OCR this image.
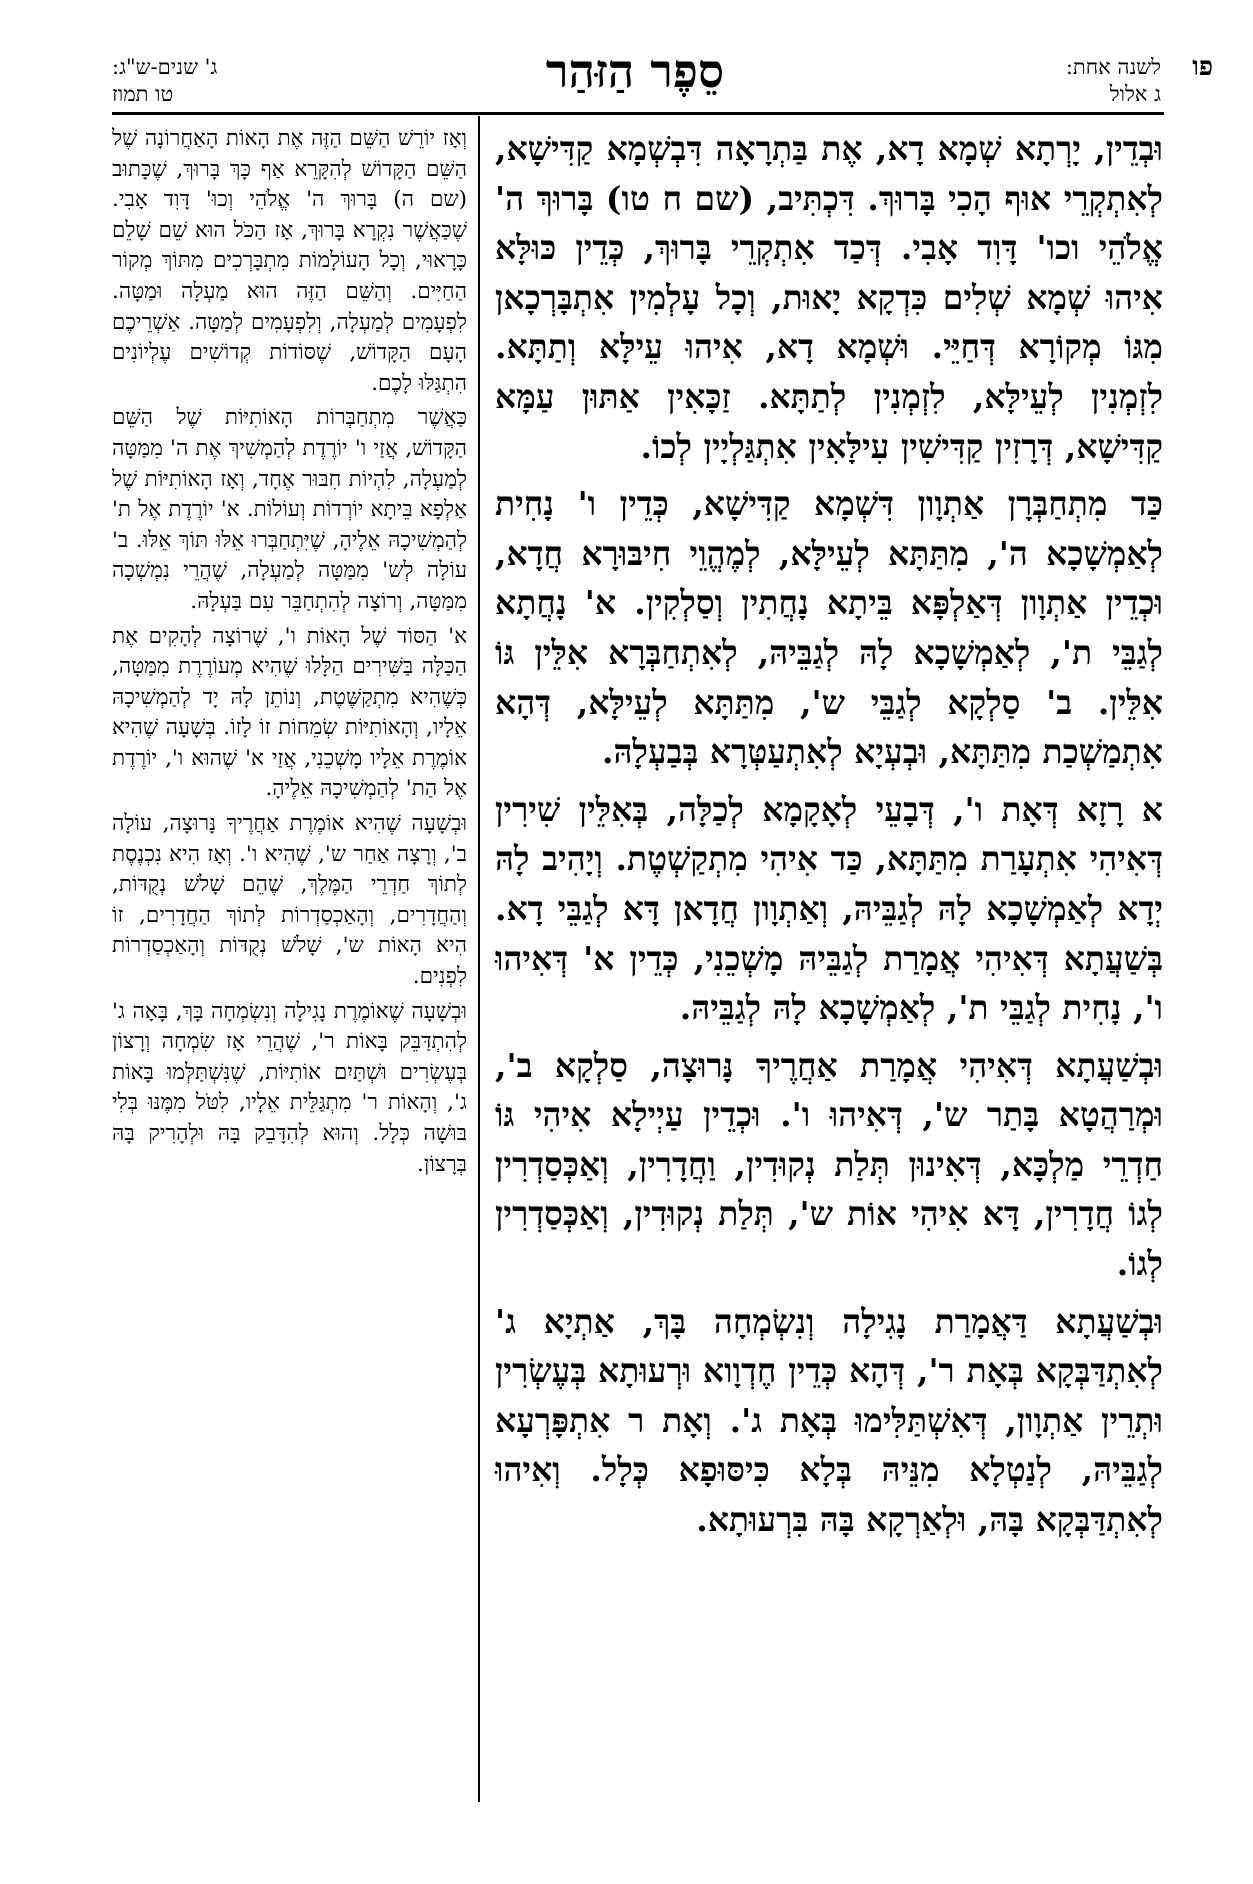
פו
לשנה אחת:
ג אלול
סֵפֶר הַזּהַר
ג' שנים-ש"ג:
טו תמוז

וּבְדֵין, יָרְתָא שְׁמָא דָא, אֶת בַּתְרָאָה דִּבְשְׁמָא קַדִּישָׁא, לְאִתְקְרֵי אוּף הָכִי בָּרוּךְ. דִּכְתִּיב, (שם ח טו) בָּרוּךְ ה' אֱלֹהֵי וכו' דָּוִד אָבִי. דְּכַד אִתְקְרֵי בָּרוּךְ, כְּדֵין כּוּלָּא אִיהוּ שְׁמָא שְׁלִים כִּדְקָא יָאוּת, וְכָל עָלְמִין אִתְבָּרְכָאן מִגּוֹ מְקוֹרָא דְּחַיֵּי. וּשְׁמָא דָא, אִיהוּ עֵילָּא וְתַתָּא. לִזְמְנִין לְעֵילָּא, לִזְמְנִין לְתַתָּא. זַכָּאִין אַתּוּן עַמָּא קַדִּישָׁא, דְּרָזִין קַדִּישִׁין עִילָּאִין אִתְגַּלְיָין לְכוֹ.

כַּד מִתְחַבְּרָן אַתְוָון דִּשְׁמָא קַדִּישָׁא, כְּדֵין ו' נָחִית לְאַמְשָׁכָא ה', מִתַּתָּא לְעֵילָּא, לְמֶהֱוֵי חִיבּוּרָא חֲדָא, וּכְדֵין אַתְוָון דְּאַלְפָּא בֵּיתָא נָחֲתִין וְסַלְקִין. א' נָחֲתָא לְגַבֵּי ת', לְאַמְשָׁכָא לָהּ לְגַבֵּיהּ, לְאִתְחַבְּרָא אִלֵּין גּוֹ אִלֵּין. ב' סַלְקָא לְגַבֵּי ש', מִתַּתָּא לְעֵילָּא, דְּהָא אִתְמַשְׁכַת מִתַּתָּא, וּבְעְיָא לְאִתְעַטְּרָא בְּבַעְלָהּ.

א רָזָא דְּאָת ו', דְּבָעֵי לְאָקָמָא לְכַלָּה, בְּאִלֵּין שִׁירִין דְּאִיהִי אִתְעָרַת מִתַּתָּא, כַּד אִיהִי מִתְקַשְׁטֶת. וְיָהִיב לָהּ יְדָא לְאַמְשָׁכָא לָהּ לְגַבֵּיהּ, וְאַתְוָון חֲדָאן דָּא לְגַבֵּי דָא. בְּשַׁעֲתָא דְּאִיהִי אֲמָרַת לְגַבֵּיהּ מָשְׁכֵנִי, כְּדֵין א' דְּאִיהוּ ו', נָחִית לְגַבֵּי ת', לְאַמְשָׁכָא לָהּ לְגַבֵּיהּ.

וּבְשַׁעֲתָא דְּאִיהִי אֲמָרַת אַחֲרֶיךָ נָּרוּצָה, סַלְקָא ב', וּמְרַהֲטָא בָּתַר ש', דְּאִיהוּ ו'. וּכְדֵין עַיְילָא אִיהִי גּוֹ חַדְרֵי מַלְכָּא, דְּאִינוּן תְּלַת נְקוּדִין, וַחֲדָרִין, וְאַכְּסַדְרִין לְגוֹ חֲדָרִין, דָּא אִיהִי אוֹת ש', תְּלַת נְקוּדִין, וְאַכְּסַדְרִין לְגוֹ.

וּבְשַׁעֲתָא דַּאֲמָרַת נָגִילָה וְנִשְׂמְחָה בָּךְ, אַתְיָא ג' לְאִתְדַּבְּקָא בְּאָת ר', דְּהָא כְּדֵין חֶדְוָוא וּרְעוּתָא בְּעֶשְׂרִין וּתְרֵין אַתְוָון, דְּאִשְׁתַּלִּימוּ בְּאָת ג'. וְאָת ר אִתְפָּרְעָא לְגַבֵּיהּ, לְנַטְלָא מִנֵּיהּ בְּלָא כִּיסּוּפָא כְּלָל. וְאִיהוּ לְאִתְדַּבְּקָא בָּהּ, וּלְאַרְקָא בָּהּ בִּרְעוּתָא.

וְאָז יוֹרֵשׁ הַשֵּׁם הַזֶּה אֶת הָאוֹת הָאַחֲרוֹנָה שֶׁל הַשֵּׁם הַקָּדוֹשׁ לְהִקָּרֵא אַף כָּךְ בָּרוּךְ, שֶׁכָּתוּב (שם ה) בָּרוּךְ ה' אֱלֹהֵי וְכוּ' דָּוִד אָבִי. שֶׁכַּאֲשֶׁר נִקְרָא בָּרוּךְ, אָז הַכֹּל הוּא שֵׁם שָׁלֵם כָּרָאוּי, וְכָל הָעוֹלָמוֹת מִתְבָּרְכִים מִתּוֹךְ מְקוֹר הַחַיִּים. וְהַשֵּׁם הַזֶּה הוּא מַעְלָה וּמַטָּה. לִפְעָמִים לְמַעְלָה, וְלִפְעָמִים לְמַטָּה. אַשְׁרֵיכֶם הָעָם הַקָּדוֹשׁ, שֶׁסּוֹדוֹת קְדוֹשִׁים עֶלְיוֹנִים הִתְגַּלּוּ לָכֶם.

כַּאֲשֶׁר מִתְחַבְּרוֹת הָאוֹתִיּוֹת שֶׁל הַשֵּׁם הַקָּדוֹשׁ, אֲזַי ו' יוֹרֶדֶת לְהַמְשִׁיךְ אֶת ה' מִמַּטָּה לְמַעְלָה, לִהְיוֹת חִבּוּר אֶחָד, וְאָז הָאוֹתִיּוֹת שֶׁל אַלְפָא בֵּיתָא יוֹרְדוֹת וְעוֹלוֹת. א' יוֹרֶדֶת אֶל ת' לְהַמְשִׁיכָהּ אֵלֶיהָ, שֶׁיִּתְחַבְּרוּ אֵלּוּ תּוֹךְ אֵלּוּ. ב' עוֹלָה לְש' מִמַּטָּה לְמַעְלָה, שֶׁהֲרֵי נִמְשְׁכָה מִמַּטָּה, וְרוֹצָה לְהִתְחַבֵּר עִם בַּעְלָהּ.

א' הַסּוֹד שֶׁל הָאוֹת ו', שֶׁרוֹצָה לְהָקִים אֶת הַכַּלָּה בַּשִּׁירִים הַלָּלוּ שֶׁהִיא מְעוֹרֶרֶת מִמַּטָּה, כְּשֶׁהִיא מִתְקַשֶּׁטֶת, וְנוֹתֵן לָהּ יָד לְהַמְשִׁיכָהּ אֵלָיו, וְהָאוֹתִיּוֹת שְׂמֵחוֹת זוֹ לָזוֹ. בְּשָׁעָה שֶׁהִיא אוֹמֶרֶת אֵלָיו מָשְׁכֵנִי, אֲזַי א' שֶׁהוּא ו', יוֹרֶדֶת אֶל הַת' לְהַמְשִׁיכָהּ אֵלֶיהָ.

וּבְשָׁעָה שֶׁהִיא אוֹמֶרֶת אַחֲרֶיךָ נָּרוּצָה, עוֹלָה ב', וְרָצָה אַחַר ש', שֶׁהִיא ו'. וְאָז הִיא נִכְנֶסֶת לְתוֹךְ חַדְרֵי הַמֶּלֶךְ, שֶׁהֵם שָׁלֹשׁ נְקֻדּוֹת, וְהַחֲדָרִים, וְהָאַכְסַדְרוֹת לְתוֹךְ הַחֲדָרִים, זוֹ הִיא הָאוֹת ש', שָׁלֹשׁ נְקֻדּוֹת וְהָאַכְסַדְרוֹת לִפְנִים.

וּבְשָׁעָה שֶׁאוֹמֶרֶת נָגִילָה וְנִשְׂמְחָה בָּךְ, בָּאָה ג' לְהִתְדַּבֵּק בָּאוֹת ר', שֶׁהֲרֵי אָז שִׂמְחָה וְרָצוֹן בְּעֶשְׂרִים וּשְׁתַּיִם אוֹתִיּוֹת, שֶׁנִּשְׁתַּלְּמוּ בָּאוֹת ג', וְהָאוֹת ר' מִתְגַּלֵּית אֵלָיו, לִטֹּל מִמֶּנּוּ בְּלִי בּוּשָׁה כְּלָל. וְהוּא לְהִדָּבֵק בָּהּ וּלְהָרִיק בָּהּ בְּרָצוֹן.
